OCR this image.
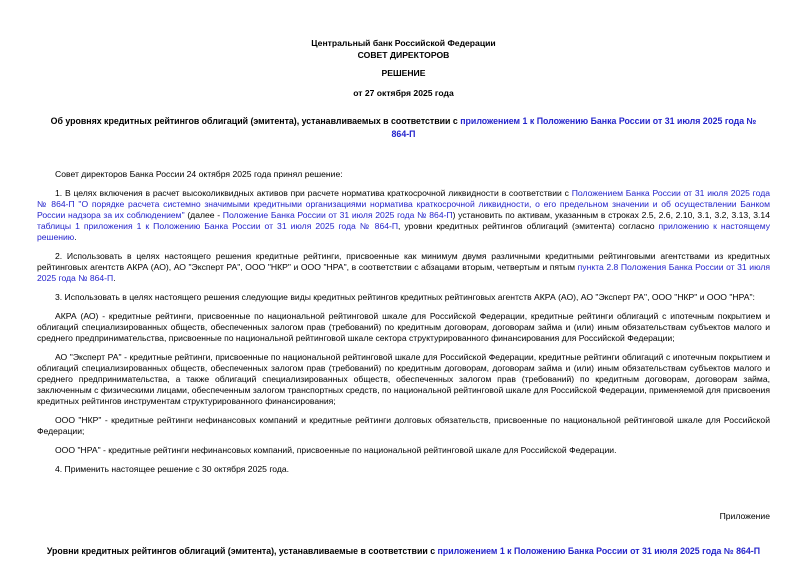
Центральный банк Российской Федерации
СОВЕТ ДИРЕКТОРОВ
РЕШЕНИЕ
от 27 октября 2025 года
Об уровнях кредитных рейтингов облигаций (эмитента), устанавливаемых в соответствии с приложением 1 к Положению Банка России от 31 июля 2025 года № 864-П

Совет директоров Банка России 24 октября 2025 года принял решение:

1. В целях включения в расчет высоколиквидных активов при расчете норматива краткосрочной ликвидности в соответствии с Положением Банка России от 31 июля 2025 года № 864-П "О порядке расчета системно значимыми кредитными организациями норматива краткосрочной ликвидности, о его предельном значении и об осуществлении Банком России надзора за их соблюдением" (далее - Положение Банка России от 31 июля 2025 года № 864-П) установить по активам, указанным в строках 2.5, 2.6, 2.10, 3.1, 3.2, 3.13, 3.14 таблицы 1 приложения 1 к Положению Банка России от 31 июля 2025 года № 864-П, уровни кредитных рейтингов облигаций (эмитента) согласно приложению к настоящему решению.

2. Использовать в целях настоящего решения кредитные рейтинги, присвоенные как минимум двумя различными кредитными рейтинговыми агентствами из кредитных рейтинговых агентств АКРА (АО), АО "Эксперт РА", ООО "НКР" и ООО "НРА", в соответствии с абзацами вторым, четвертым и пятым пункта 2.8 Положения Банка России от 31 июля 2025 года № 864-П.

3. Использовать в целях настоящего решения следующие виды кредитных рейтингов кредитных рейтинговых агентств АКРА (АО), АО "Эксперт РА", ООО "НКР" и ООО "НРА":

АКРА (АО) - кредитные рейтинги, присвоенные по национальной рейтинговой шкале для Российской Федерации, кредитные рейтинги облигаций с ипотечным покрытием и облигаций специализированных обществ, обеспеченных залогом прав (требований) по кредитным договорам, договорам займа и (или) иным обязательствам субъектов малого и среднего предпринимательства, присвоенные по национальной рейтинговой шкале сектора структурированного финансирования для Российской Федерации;

АО "Эксперт РА" - кредитные рейтинги, присвоенные по национальной рейтинговой шкале для Российской Федерации, кредитные рейтинги облигаций с ипотечным покрытием и облигаций специализированных обществ, обеспеченных залогом прав (требований) по кредитным договорам, договорам займа и (или) иным обязательствам субъектов малого и среднего предпринимательства, а также облигаций специализированных обществ, обеспеченных залогом прав (требований) по кредитным договорам, договорам займа, заключенным с физическими лицами, обеспеченным залогом транспортных средств, по национальной рейтинговой шкале для Российской Федерации, применяемой для присвоения кредитных рейтингов инструментам структурированного финансирования;

ООО "НКР" - кредитные рейтинги нефинансовых компаний и кредитные рейтинги долговых обязательств, присвоенные по национальной рейтинговой шкале для Российской Федерации;

ООО "НРА" - кредитные рейтинги нефинансовых компаний, присвоенные по национальной рейтинговой шкале для Российской Федерации.

4. Применить настоящее решение с 30 октября 2025 года.

Приложение
Уровни кредитных рейтингов облигаций (эмитента), устанавливаемые в соответствии с приложением 1 к Положению Банка России от 31 июля 2025 года № 864-П
